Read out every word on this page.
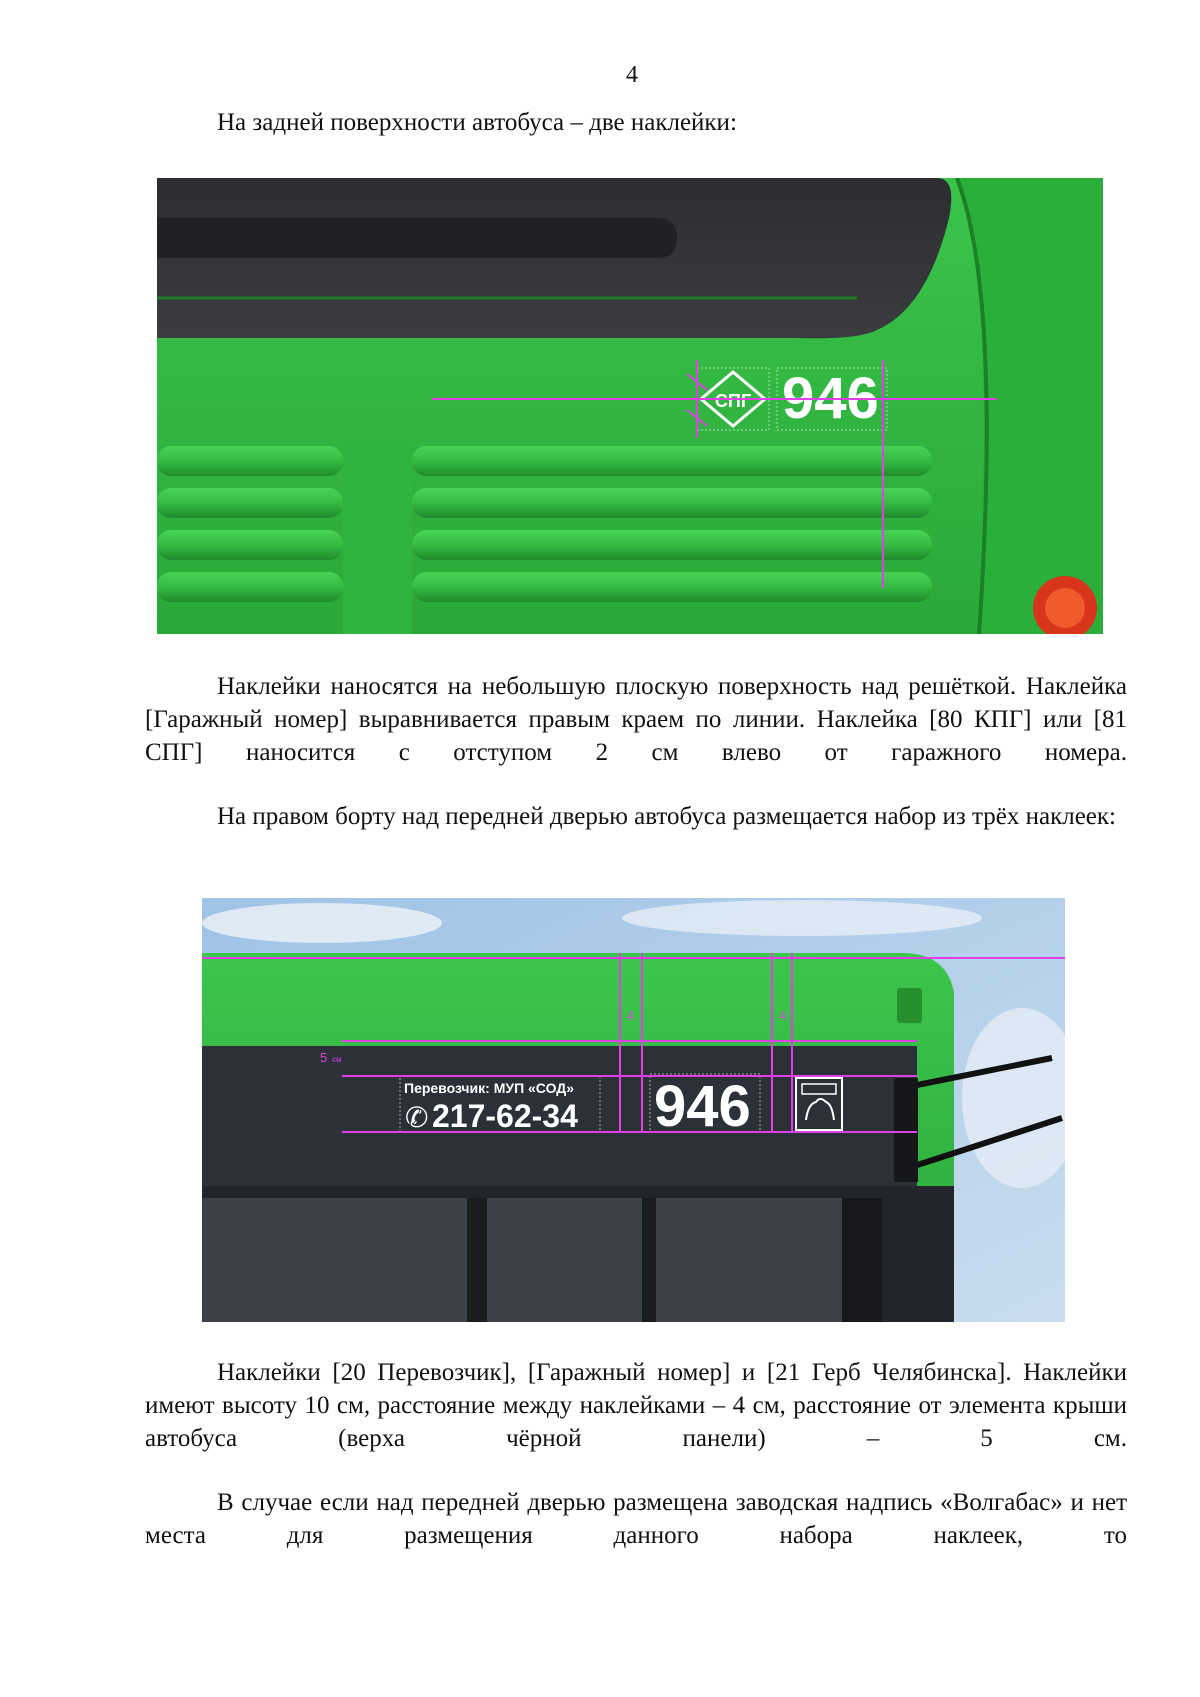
4
На задней поверхности автобуса – две наклейки:
СПГ 946
Наклейки наносятся на небольшую плоскую поверхность над решёткой. Наклейка [Гаражный номер] выравнивается правым краем по линии. Наклейка [80 КПГ] или [81 СПГ] наносится с отступом 2 см влево от гаражного номера.
На правом борту над передней дверью автобуса размещается набор из трёх наклеек:
Перевозчик: МУП «СОД»
✆ 217-62-34 946
4	4
5 см
Наклейки [20 Перевозчик], [Гаражный номер] и [21 Герб Челябинска]. Наклейки имеют высоту 10 см, расстояние между наклейками – 4 см, расстояние от элемента крыши автобуса (верха чёрной панели) – 5 см.
В случае если над передней дверью размещена заводская надпись «Волгабас» и нет места для размещения данного набора наклеек, то
